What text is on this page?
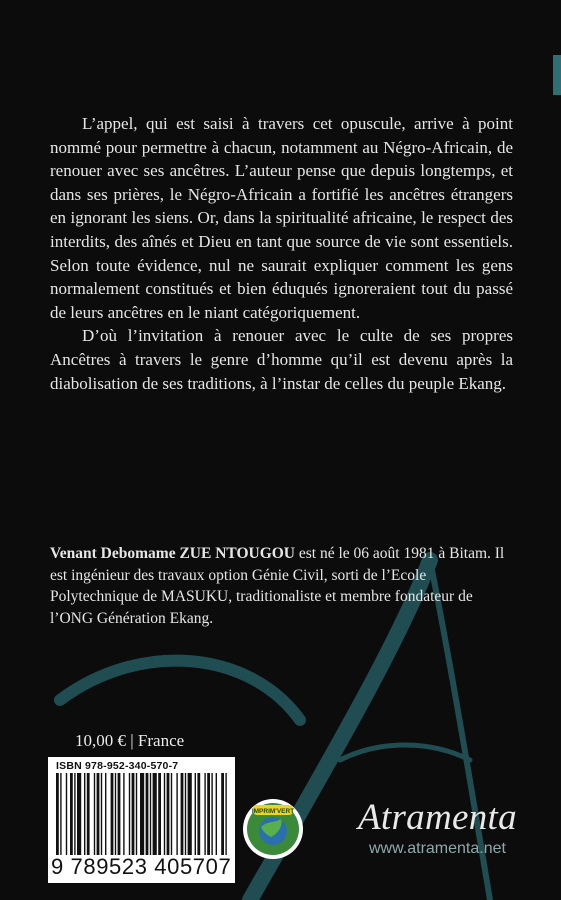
L’appel, qui est saisi à travers cet opuscule, arrive à point nommé pour permettre à chacun, notamment au Négro-Africain, de renouer avec ses ancêtres. L’auteur pense que depuis longtemps, et dans ses prières, le Négro-Africain a fortifié les ancêtres étrangers en ignorant les siens. Or, dans la spiritualité africaine, le respect des interdits, des aînés et Dieu en tant que source de vie sont essentiels. Selon toute évidence, nul ne saurait expliquer comment les gens normalement constitués et bien éduqués ignoreraient tout du passé de leurs ancêtres en le niant catégoriquement.

D’où l’invitation à renouer avec le culte de ses propres Ancêtres à travers le genre d’homme qu’il est devenu après la diabolisation de ses traditions, à l’instar de celles du peuple Ekang.

Venant Debomame ZUE NTOUGOU est né le 06 août 1981 à Bitam. Il est ingénieur des travaux option Génie Civil, sorti de l’Ecole Polytechnique de MASUKU, traditionaliste et membre fondateur de l’ONG Génération Ekang.
10,00 € | France
ISBN 978-952-340-570-7
9 789523 405707
IMPRIM'VERT Atramenta
www.atramenta.net
